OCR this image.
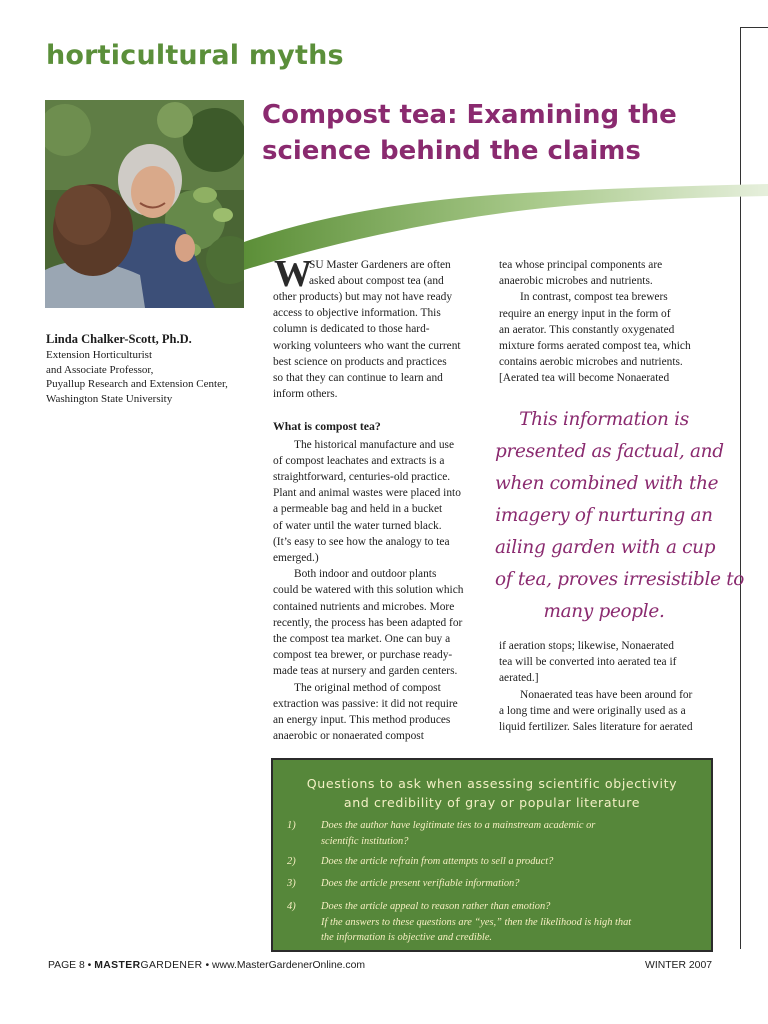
horticultural myths
Compost tea: Examining the
science behind the claims
Linda Chalker-Scott, Ph.D.
Extension Horticulturist
and Associate Professor,
Puyallup Research and Extension Center,
Washington State University
W
SU Master Gardeners are often
asked about compost tea (and
other products) but may not have ready
access to objective information. This
column is dedicated to those hard-
working volunteers who want the current
best science on products and practices
so that they can continue to learn and
inform others.
What is compost tea?
The historical manufacture and use
of compost leachates and extracts is a
straightforward, centuries-old practice.
Plant and animal wastes were placed into
a permeable bag and held in a bucket
of water until the water turned black.
(It’s easy to see how the analogy to tea
emerged.)
Both indoor and outdoor plants
could be watered with this solution which
contained nutrients and microbes. More
recently, the process has been adapted for
the compost tea market. One can buy a
compost tea brewer, or purchase ready-
made teas at nursery and garden centers.
The original method of compost
extraction was passive: it did not require
an energy input. This method produces
anaerobic or nonaerated compost
tea whose principal components are
anaerobic microbes and nutrients.
In contrast, compost tea brewers
require an energy input in the form of
an aerator. This constantly oxygenated
mixture forms aerated compost tea, which
contains aerobic microbes and nutrients.
[Aerated tea will become Nonaerated
This information is
presented as factual, and
when combined with the
imagery of nurturing an
ailing garden with a cup
of tea, proves irresistible to
many people.
if aeration stops; likewise, Nonaerated
tea will be converted into aerated tea if
aerated.]
Nonaerated teas have been around for
a long time and were originally used as a
liquid fertilizer. Sales literature for aerated
Questions to ask when assessing scientific objectivity
and credibility of gray or popular literature
1)	Does the author have legitimate ties to a mainstream academic or
scientific institution?
2)	Does the article refrain from attempts to sell a product?
3)	Does the article present verifiable information?
4)	Does the article appeal to reason rather than emotion?
If the answers to these questions are “yes,” then the likelihood is high that
the information is objective and credible.
PAGE 8 • MASTERGARDENER • www.MasterGardenerOnline.com	WINTER 2007
